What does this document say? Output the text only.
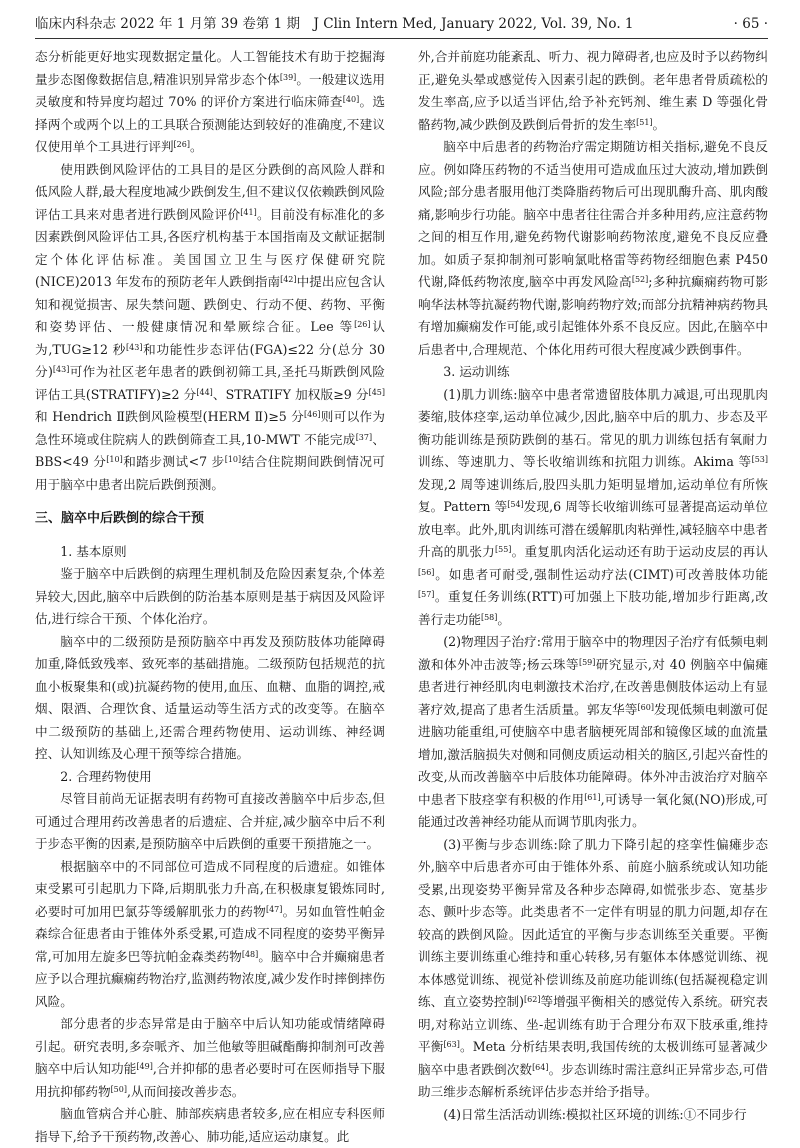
临床内科杂志 2022 年 1 月第 39 卷第 1 期　J Clin Intern Med, January 2022, Vol. 39, No. 1	· 65 ·

态分析能更好地实现数据定量化。人工智能技术有助于挖掘海量步态图像数据信息,精准识别异常步态个体[39]。一般建议选用灵敏度和特异度均超过 70% 的评价方案进行临床筛查[40]。选择两个或两个以上的工具联合预测能达到较好的准确度,不建议仅使用单个工具进行评判[26]。

使用跌倒风险评估的工具目的是区分跌倒的高风险人群和低风险人群,最大程度地减少跌倒发生,但不建议仅依赖跌倒风险评估工具来对患者进行跌倒风险评价[41]。目前没有标准化的多因素跌倒风险评估工具,各医疗机构基于本国指南及文献证据制定个体化评估标准。美国国立卫生与医疗保健研究院(NICE)2013 年发布的预防老年人跌倒指南[42]中提出应包含认知和视觉损害、尿失禁问题、跌倒史、行动不便、药物、平衡和姿势评估、一般健康情况和晕厥综合征。Lee 等[26]认为,TUG≥12 秒[43]和功能性步态评估(FGA)≤22 分(总分 30 分)[43]可作为社区老年患者的跌倒初筛工具,圣托马斯跌倒风险评估工具(STRATIFY)≥2 分[44]、STRATIFY 加权版≥9 分[45]和 Hendrich Ⅱ跌倒风险模型(HERM Ⅱ)≥5 分[46]则可以作为急性环境或住院病人的跌倒筛查工具,10-MWT 不能完成[37]、BBS<49 分[10]和踏步测试<7 步[10]结合住院期间跌倒情况可用于脑卒中患者出院后跌倒预测。

三、脑卒中后跌倒的综合干预
1. 基本原则

鉴于脑卒中后跌倒的病理生理机制及危险因素复杂,个体差异较大,因此,脑卒中后跌倒的防治基本原则是基于病因及风险评估,进行综合干预、个体化治疗。

脑卒中的二级预防是预防脑卒中再发及预防肢体功能障碍加重,降低致残率、致死率的基础措施。二级预防包括规范的抗血小板聚集和(或)抗凝药物的使用,血压、血糖、血脂的调控,戒烟、限酒、合理饮食、适量运动等生活方式的改变等。在脑卒中二级预防的基础上,还需合理药物使用、运动训练、神经调控、认知训练及心理干预等综合措施。

2. 合理药物使用

尽管目前尚无证据表明有药物可直接改善脑卒中后步态,但可通过合理用药改善患者的后遗症、合并症,减少脑卒中后不利于步态平衡的因素,是预防脑卒中后跌倒的重要干预措施之一。

根据脑卒中的不同部位可造成不同程度的后遗症。如锥体束受累可引起肌力下降,后期肌张力升高,在积极康复锻炼同时,必要时可加用巴氯芬等缓解肌张力的药物[47]。另如血管性帕金森综合征患者由于锥体外系受累,可造成不同程度的姿势平衡异常,可加用左旋多巴等抗帕金森类药物[48]。脑卒中合并癫痫患者应予以合理抗癫痫药物治疗,监测药物浓度,减少发作时摔倒摔伤风险。

部分患者的步态异常是由于脑卒中后认知功能或情绪障碍引起。研究表明,多奈哌齐、加兰他敏等胆碱酯酶抑制剂可改善脑卒中后认知功能[49],合并抑郁的患者必要时可在医师指导下服用抗抑郁药物[50],从而间接改善步态。

脑血管病合并心脏、肺部疾病患者较多,应在相应专科医师指导下,给予干预药物,改善心、肺功能,适应运动康复。此

外,合并前庭功能紊乱、听力、视力障碍者,也应及时予以药物纠正,避免头晕或感觉传入因素引起的跌倒。老年患者骨质疏松的发生率高,应予以适当评估,给予补充钙剂、维生素 D 等强化骨骼药物,减少跌倒及跌倒后骨折的发生率[51]。

脑卒中后患者的药物治疗需定期随访相关指标,避免不良反应。例如降压药物的不适当使用可造成血压过大波动,增加跌倒风险;部分患者服用他汀类降脂药物后可出现肌酶升高、肌肉酸痛,影响步行功能。脑卒中患者往往需合并多种用药,应注意药物之间的相互作用,避免药物代谢影响药物浓度,避免不良反应叠加。如质子泵抑制剂可影响氯吡格雷等药物经细胞色素 P450 代谢,降低药物浓度,脑卒中再发风险高[52];多种抗癫痫药物可影响华法林等抗凝药物代谢,影响药物疗效;而部分抗精神病药物具有增加癫痫发作可能,或引起锥体外系不良反应。因此,在脑卒中后患者中,合理规范、个体化用药可很大程度减少跌倒事件。

3. 运动训练

(1)肌力训练:脑卒中患者常遗留肢体肌力减退,可出现肌肉萎缩,肢体痉挛,运动单位减少,因此,脑卒中后的肌力、步态及平衡功能训练是预防跌倒的基石。常见的肌力训练包括有氧耐力训练、等速肌力、等长收缩训练和抗阻力训练。Akima 等[53]发现,2 周等速训练后,股四头肌力矩明显增加,运动单位有所恢复。Pattern 等[54]发现,6 周等长收缩训练可显著提高运动单位放电率。此外,肌肉训练可潜在缓解肌肉粘弹性,减轻脑卒中患者升高的肌张力[55]。重复肌肉活化运动还有助于运动皮层的再认[56]。如患者可耐受,强制性运动疗法(CIMT)可改善肢体功能[57]。重复任务训练(RTT)可加强上下肢功能,增加步行距离,改善行走功能[58]。

(2)物理因子治疗:常用于脑卒中的物理因子治疗有低频电刺激和体外冲击波等;杨云珠等[59]研究显示,对 40 例脑卒中偏瘫患者进行神经肌肉电刺激技术治疗,在改善患侧肢体运动上有显著疗效,提高了患者生活质量。郭友华等[60]发现低频电刺激可促进脑功能重组,可使脑卒中患者脑梗死周部和镜像区域的血流量增加,激活脑损失对侧和同侧皮质运动相关的脑区,引起兴奋性的改变,从而改善脑卒中后肢体功能障碍。体外冲击波治疗对脑卒中患者下肢痉挛有积极的作用[61],可诱导一氧化氮(NO)形成,可能通过改善神经功能从而调节肌肉张力。

(3)平衡与步态训练:除了肌力下降引起的痉挛性偏瘫步态外,脑卒中后患者亦可由于锥体外系、前庭小脑系统或认知功能受累,出现姿势平衡异常及各种步态障碍,如慌张步态、宽基步态、颤叶步态等。此类患者不一定伴有明显的肌力问题,却存在较高的跌倒风险。因此适宜的平衡与步态训练至关重要。平衡训练主要训练重心维持和重心转移,另有躯体本体感觉训练、视本体感觉训练、视觉补偿训练及前庭功能训练(包括凝视稳定训练、直立姿势控制)[62]等增强平衡相关的感觉传入系统。研究表明,对称站立训练、坐-起训练有助于合理分布双下肢承重,维持平衡[63]。Meta 分析结果表明,我国传统的太极训练可显著减少脑卒中患者跌倒次数[64]。步态训练时需注意纠正异常步态,可借助三维步态解析系统评估步态并给予指导。

(4)日常生活活动训练:模拟社区环境的训练:①不同步行
